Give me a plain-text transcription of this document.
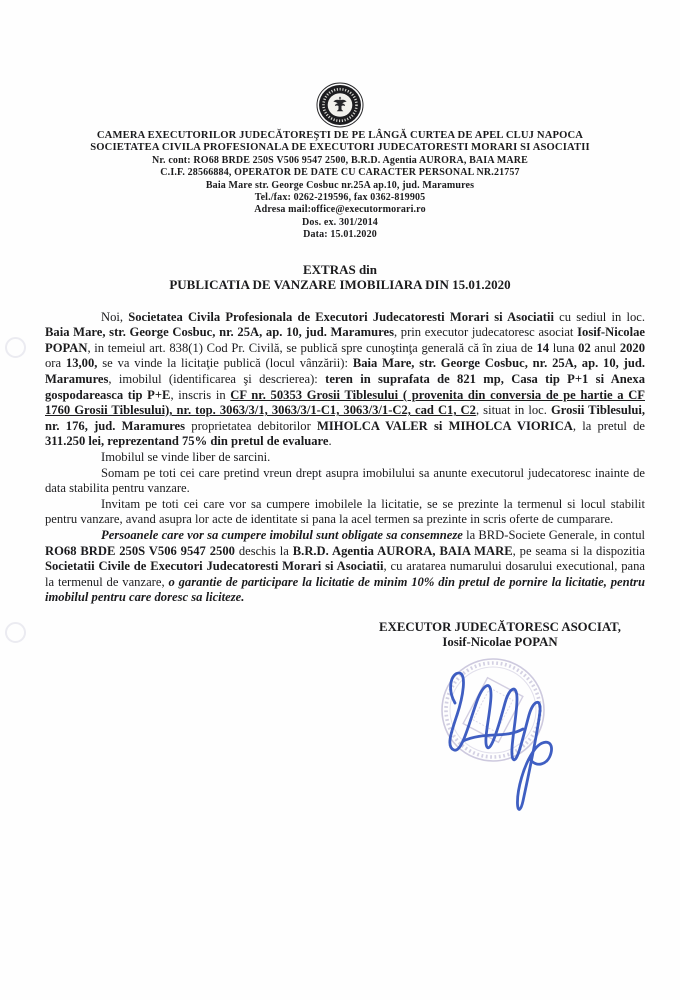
CAMERA EXECUTORILOR JUDECĂTOREŞTI DE PE LÂNGĂ CURTEA DE APEL CLUJ NAPOCA
SOCIETATEA CIVILA PROFESIONALA DE EXECUTORI JUDECATORESTI MORARI SI ASOCIATII
Nr. cont: RO68 BRDE 250S V506 9547 2500, B.R.D. Agentia AURORA, BAIA MARE
C.I.F. 28566884, OPERATOR DE DATE CU CARACTER PERSONAL NR.21757
Baia Mare str. George Cosbuc nr.25A ap.10, jud. Maramures
Tel./fax: 0262-219596, fax 0362-819905
Adresa mail:office@executormorari.ro
Dos. ex. 301/2014
Data: 15.01.2020
EXTRAS din
PUBLICATIA DE VANZARE IMOBILIARA DIN 15.01.2020

Noi, Societatea Civila Profesionala de Executori Judecatoresti Morari si Asociatii cu sediul in loc. Baia Mare, str. George Cosbuc, nr. 25A, ap. 10, jud. Maramures, prin executor judecatoresc asociat Iosif-Nicolae POPAN, in temeiul art. 838(1) Cod Pr. Civilă, se publică spre cunoştinţa generală că în ziua de 14 luna 02 anul 2020 ora 13,00, se va vinde la licitaţie publică (locul vânzării): Baia Mare, str. George Cosbuc, nr. 25A, ap. 10, jud. Maramures, imobilul (identificarea şi descrierea): teren in suprafata de 821 mp, Casa tip P+1 si Anexa gospodareasca tip P+E, inscris in CF nr. 50353 Grosii Tiblesului ( provenita din conversia de pe hartie a CF 1760 Grosii Tiblesului), nr. top. 3063/3/1, 3063/3/1-C1, 3063/3/1-C2, cad C1, C2, situat in loc. Grosii Tiblesului, nr. 176, jud. Maramures proprietatea debitorilor MIHOLCA VALER si MIHOLCA VIORICA, la pretul de 311.250 lei, reprezentand 75% din pretul de evaluare.

Imobilul se vinde liber de sarcini.

Somam pe toti cei care pretind vreun drept asupra imobilului sa anunte executorul judecatoresc inainte de data stabilita pentru vanzare.

Invitam pe toti cei care vor sa cumpere imobilele la licitatie, se se prezinte la termenul si locul stabilit pentru vanzare, avand asupra lor acte de identitate si pana la acel termen sa prezinte in scris oferte de cumparare.

Persoanele care vor sa cumpere imobilul sunt obligate sa consemneze la BRD-Societe Generale, in contul RO68 BRDE 250S V506 9547 2500 deschis la B.R.D. Agentia AURORA, BAIA MARE, pe seama si la dispozitia Societatii Civile de Executori Judecatoresti Morari si Asociatii, cu aratarea numarului dosarului executional, pana la termenul de vanzare, o garantie de participare la licitatie de minim 10% din pretul de pornire la licitatie, pentru imobilul pentru care doresc sa liciteze.

EXECUTOR JUDECĂTORESC ASOCIAT,
Iosif-Nicolae POPAN
